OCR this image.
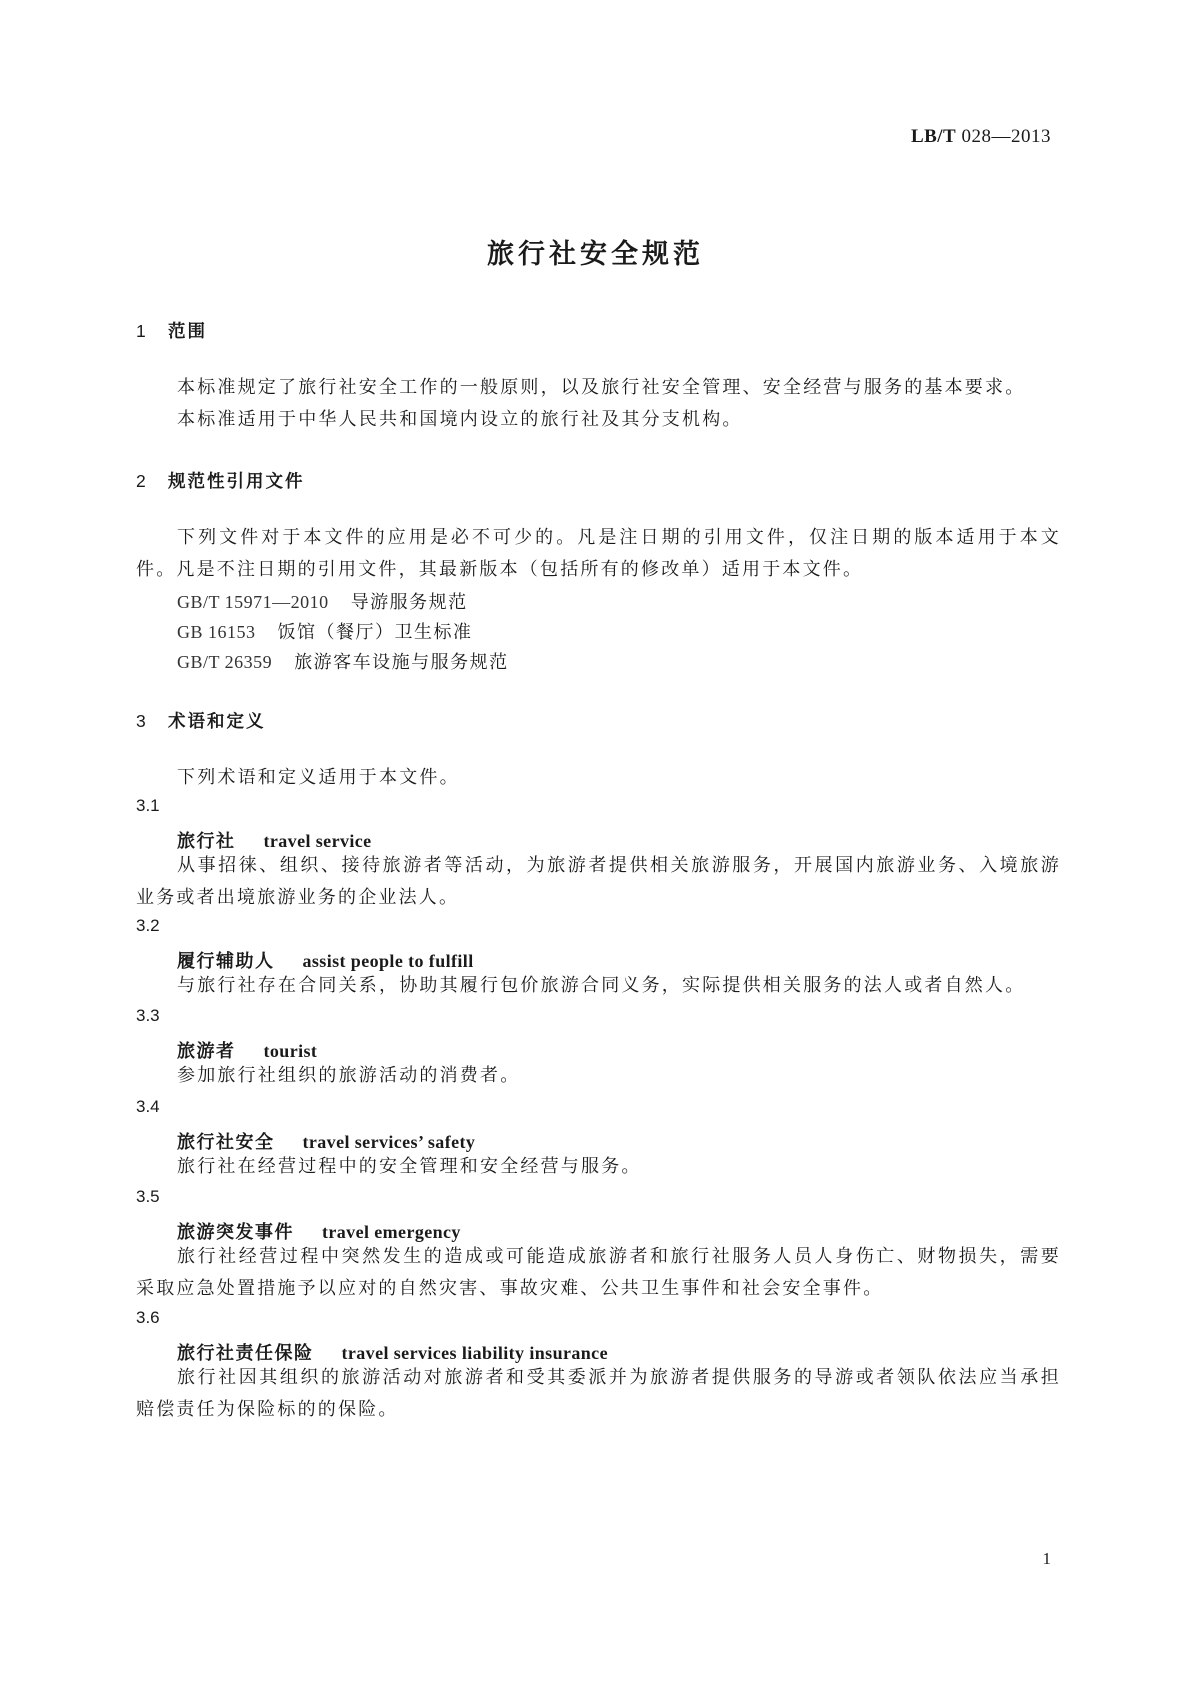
LB/T 028—2013
旅行社安全规范
1 范围
本标准规定了旅行社安全工作的一般原则，以及旅行社安全管理、安全经营与服务的基本要求。
本标准适用于中华人民共和国境内设立的旅行社及其分支机构。
2 规范性引用文件
下列文件对于本文件的应用是必不可少的。凡是注日期的引用文件，仅注日期的版本适用于本文件。凡是不注日期的引用文件，其最新版本（包括所有的修改单）适用于本文件。
GB/T 15971—2010 导游服务规范
GB 16153 饭馆（餐厅）卫生标准
GB/T 26359 旅游客车设施与服务规范
3 术语和定义
下列术语和定义适用于本文件。
3.1
旅行社 travel service
从事招徕、组织、接待旅游者等活动，为旅游者提供相关旅游服务，开展国内旅游业务、入境旅游业务或者出境旅游业务的企业法人。
3.2
履行辅助人 assist people to fulfill
与旅行社存在合同关系，协助其履行包价旅游合同义务，实际提供相关服务的法人或者自然人。
3.3
旅游者 tourist
参加旅行社组织的旅游活动的消费者。
3.4
旅行社安全 travel services’ safety
旅行社在经营过程中的安全管理和安全经营与服务。
3.5
旅游突发事件 travel emergency
旅行社经营过程中突然发生的造成或可能造成旅游者和旅行社服务人员人身伤亡、财物损失，需要采取应急处置措施予以应对的自然灾害、事故灾难、公共卫生事件和社会安全事件。
3.6
旅行社责任保险 travel services liability insurance
旅行社因其组织的旅游活动对旅游者和受其委派并为旅游者提供服务的导游或者领队依法应当承担赔偿责任为保险标的的保险。
1
